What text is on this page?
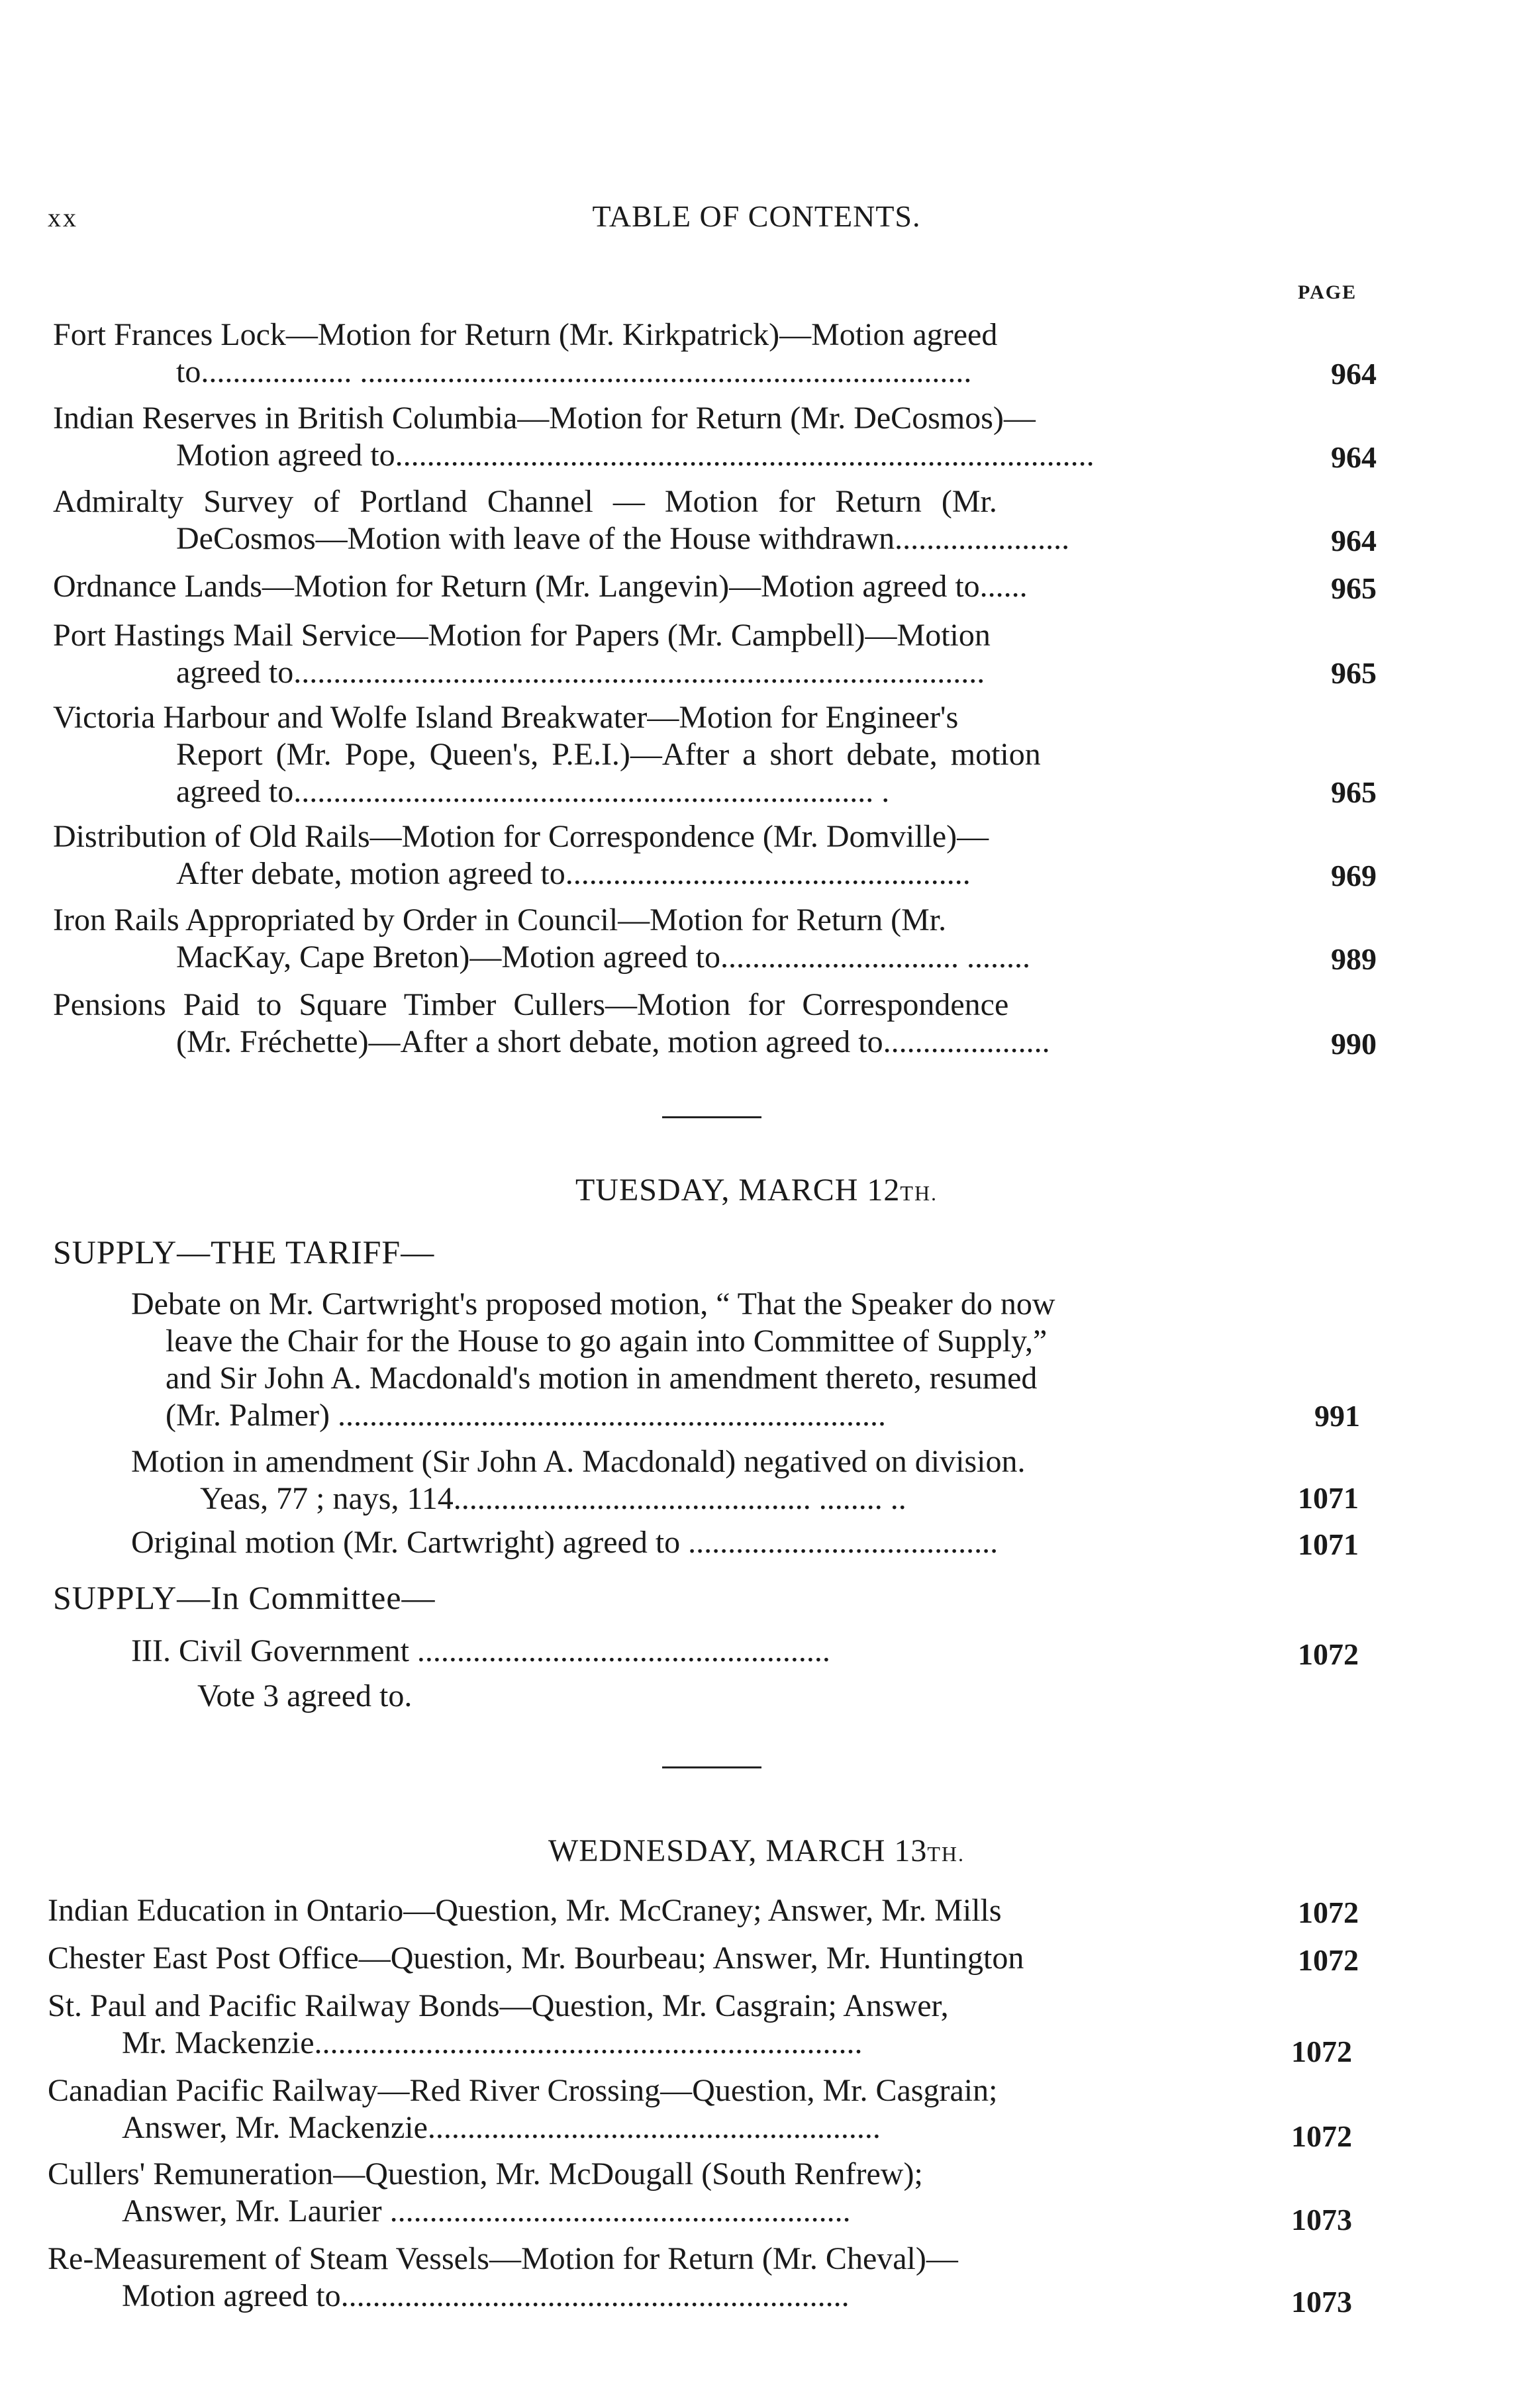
xx	TABLE OF CONTENTS.
PAGE
Fort Frances Lock—Motion for Return (Mr. Kirkpatrick)—Motion agreed
to................... .............................................................................	964
Indian Reserves in British Columbia—Motion for Return (Mr. DeCosmos)—
Motion agreed to........................................................................................	964
Admiralty Survey of Portland Channel — Motion for Return (Mr.
DeCosmos—Motion with leave of the House withdrawn......................	964
Ordnance Lands—Motion for Return (Mr. Langevin)—Motion agreed to......	965
Port Hastings Mail Service—Motion for Papers (Mr. Campbell)—Motion
agreed to.......................................................................................	965
Victoria Harbour and Wolfe Island Breakwater—Motion for Engineer's
Report (Mr. Pope, Queen's, P.E.I.)—After a short debate, motion
agreed to......................................................................... .	965
Distribution of Old Rails—Motion for Correspondence (Mr. Domville)—
After debate, motion agreed to...................................................	969
Iron Rails Appropriated by Order in Council—Motion for Return (Mr.
MacKay, Cape Breton)—Motion agreed to.............................. ........	989
Pensions Paid to Square Timber Cullers—Motion for Correspondence
(Mr. Fréchette)—After a short debate, motion agreed to.....................	990
TUESDAY, MARCH 12TH.
SUPPLY—THE TARIFF—
Debate on Mr. Cartwright's proposed motion, “ That the Speaker do now
leave the Chair for the House to go again into Committee of Supply,”
and Sir John A. Macdonald's motion in amendment thereto, resumed
(Mr. Palmer) .....................................................................	991
Motion in amendment (Sir John A. Macdonald) negatived on division.
Yeas, 77 ; nays, 114............................................. ........ ..	1071
Original motion (Mr. Cartwright) agreed to .......................................	1071
SUPPLY—In Committee—
III. Civil Government ....................................................	1072
Vote 3 agreed to.
WEDNESDAY, MARCH 13TH.
Indian Education in Ontario—Question, Mr. McCraney; Answer, Mr. Mills	1072
Chester East Post Office—Question, Mr. Bourbeau; Answer, Mr. Huntington	1072
St. Paul and Pacific Railway Bonds—Question, Mr. Casgrain; Answer,
Mr. Mackenzie.....................................................................	1072
Canadian Pacific Railway—Red River Crossing—Question, Mr. Casgrain;
Answer, Mr. Mackenzie.........................................................	1072
Cullers' Remuneration—Question, Mr. McDougall (South Renfrew);
Answer, Mr. Laurier ..........................................................	1073
Re-Measurement of Steam Vessels—Motion for Return (Mr. Cheval)—
Motion agreed to................................................................	1073
